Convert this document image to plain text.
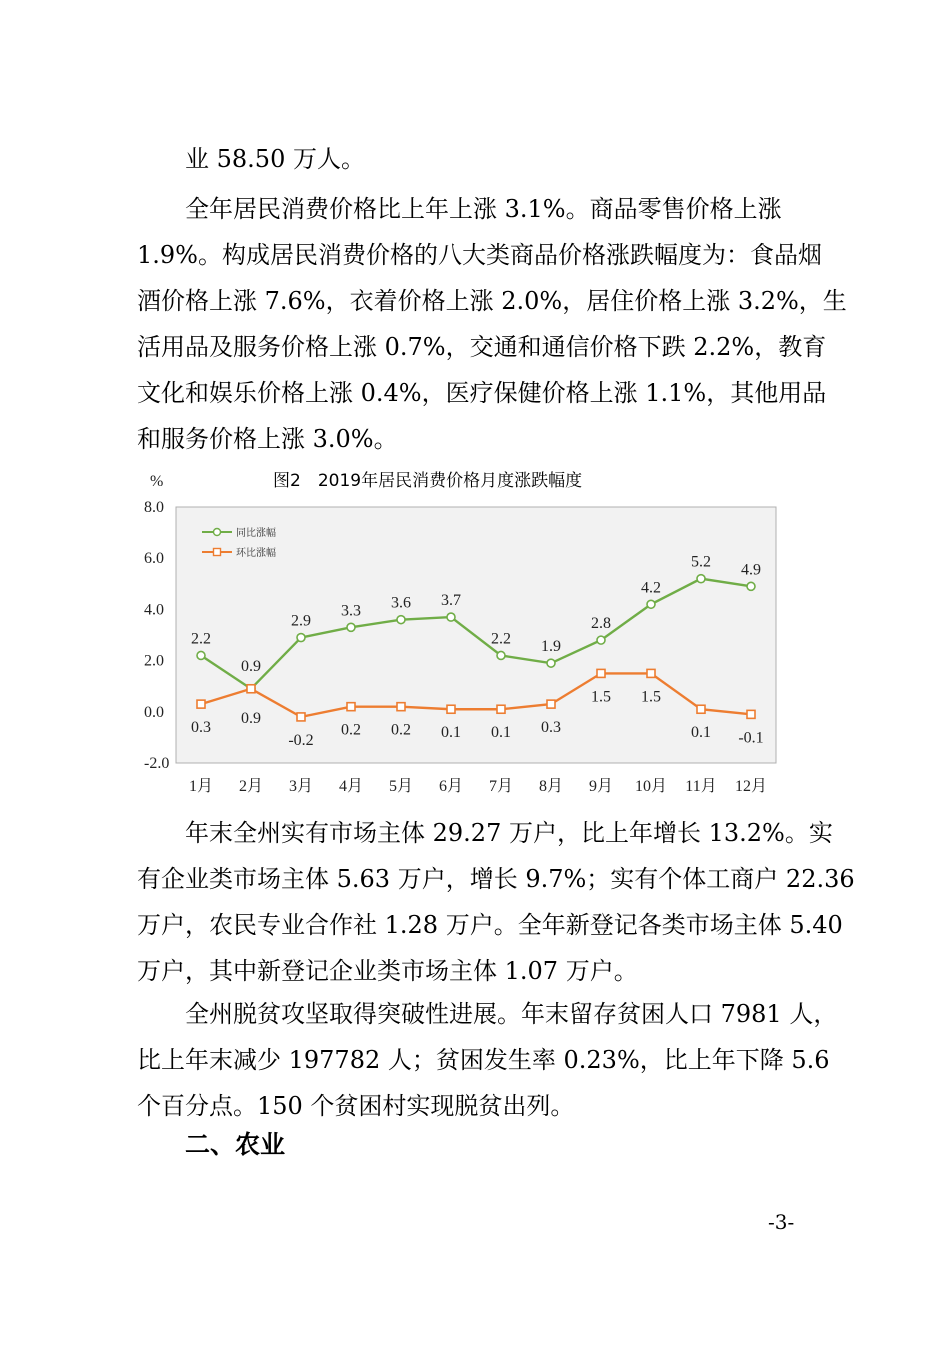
业 58.50 万人。
全年居民消费价格比上年上涨 3.1%。商品零售价格上涨
1.9%。构成居民消费价格的八大类商品价格涨跌幅度为：食品烟
酒价格上涨 7.6%，衣着价格上涨 2.0%，居住价格上涨 3.2%，生
活用品及服务价格上涨 0.7%，交通和通信价格下跌 2.2%，教育
文化和娱乐价格上涨 0.4%，医疗保健价格上涨 1.1%，其他用品
和服务价格上涨 3.0%。
%	图2　2019年居民消费价格月度涨跌幅度
8.0
6.0
4.0
2.0
0.0
-2.0
1月 2月 3月 4月 5月 6月 7月 8月 9月 10月 11月 12月
2.2
0.9
2.9
3.3 3.6 3.7
2.2 1.9
2.8
4.2
5.2 4.9
0.3
0.9
-0.2
0.2 0.2 0.1 0.1 0.3
1.5 1.5
0.1 -0.1
同比涨幅
环比涨幅
年末全州实有市场主体 29.27 万户，比上年增长 13.2%。实
有企业类市场主体 5.63 万户，增长 9.7%；实有个体工商户 22.36
万户，农民专业合作社 1.28 万户。全年新登记各类市场主体 5.40
万户，其中新登记企业类市场主体 1.07 万户。
全州脱贫攻坚取得突破性进展。年末留存贫困人口 7981 人，
比上年末减少 197782 人；贫困发生率 0.23%，比上年下降 5.6
个百分点。150 个贫困村实现脱贫出列。
二、农业
-3-
